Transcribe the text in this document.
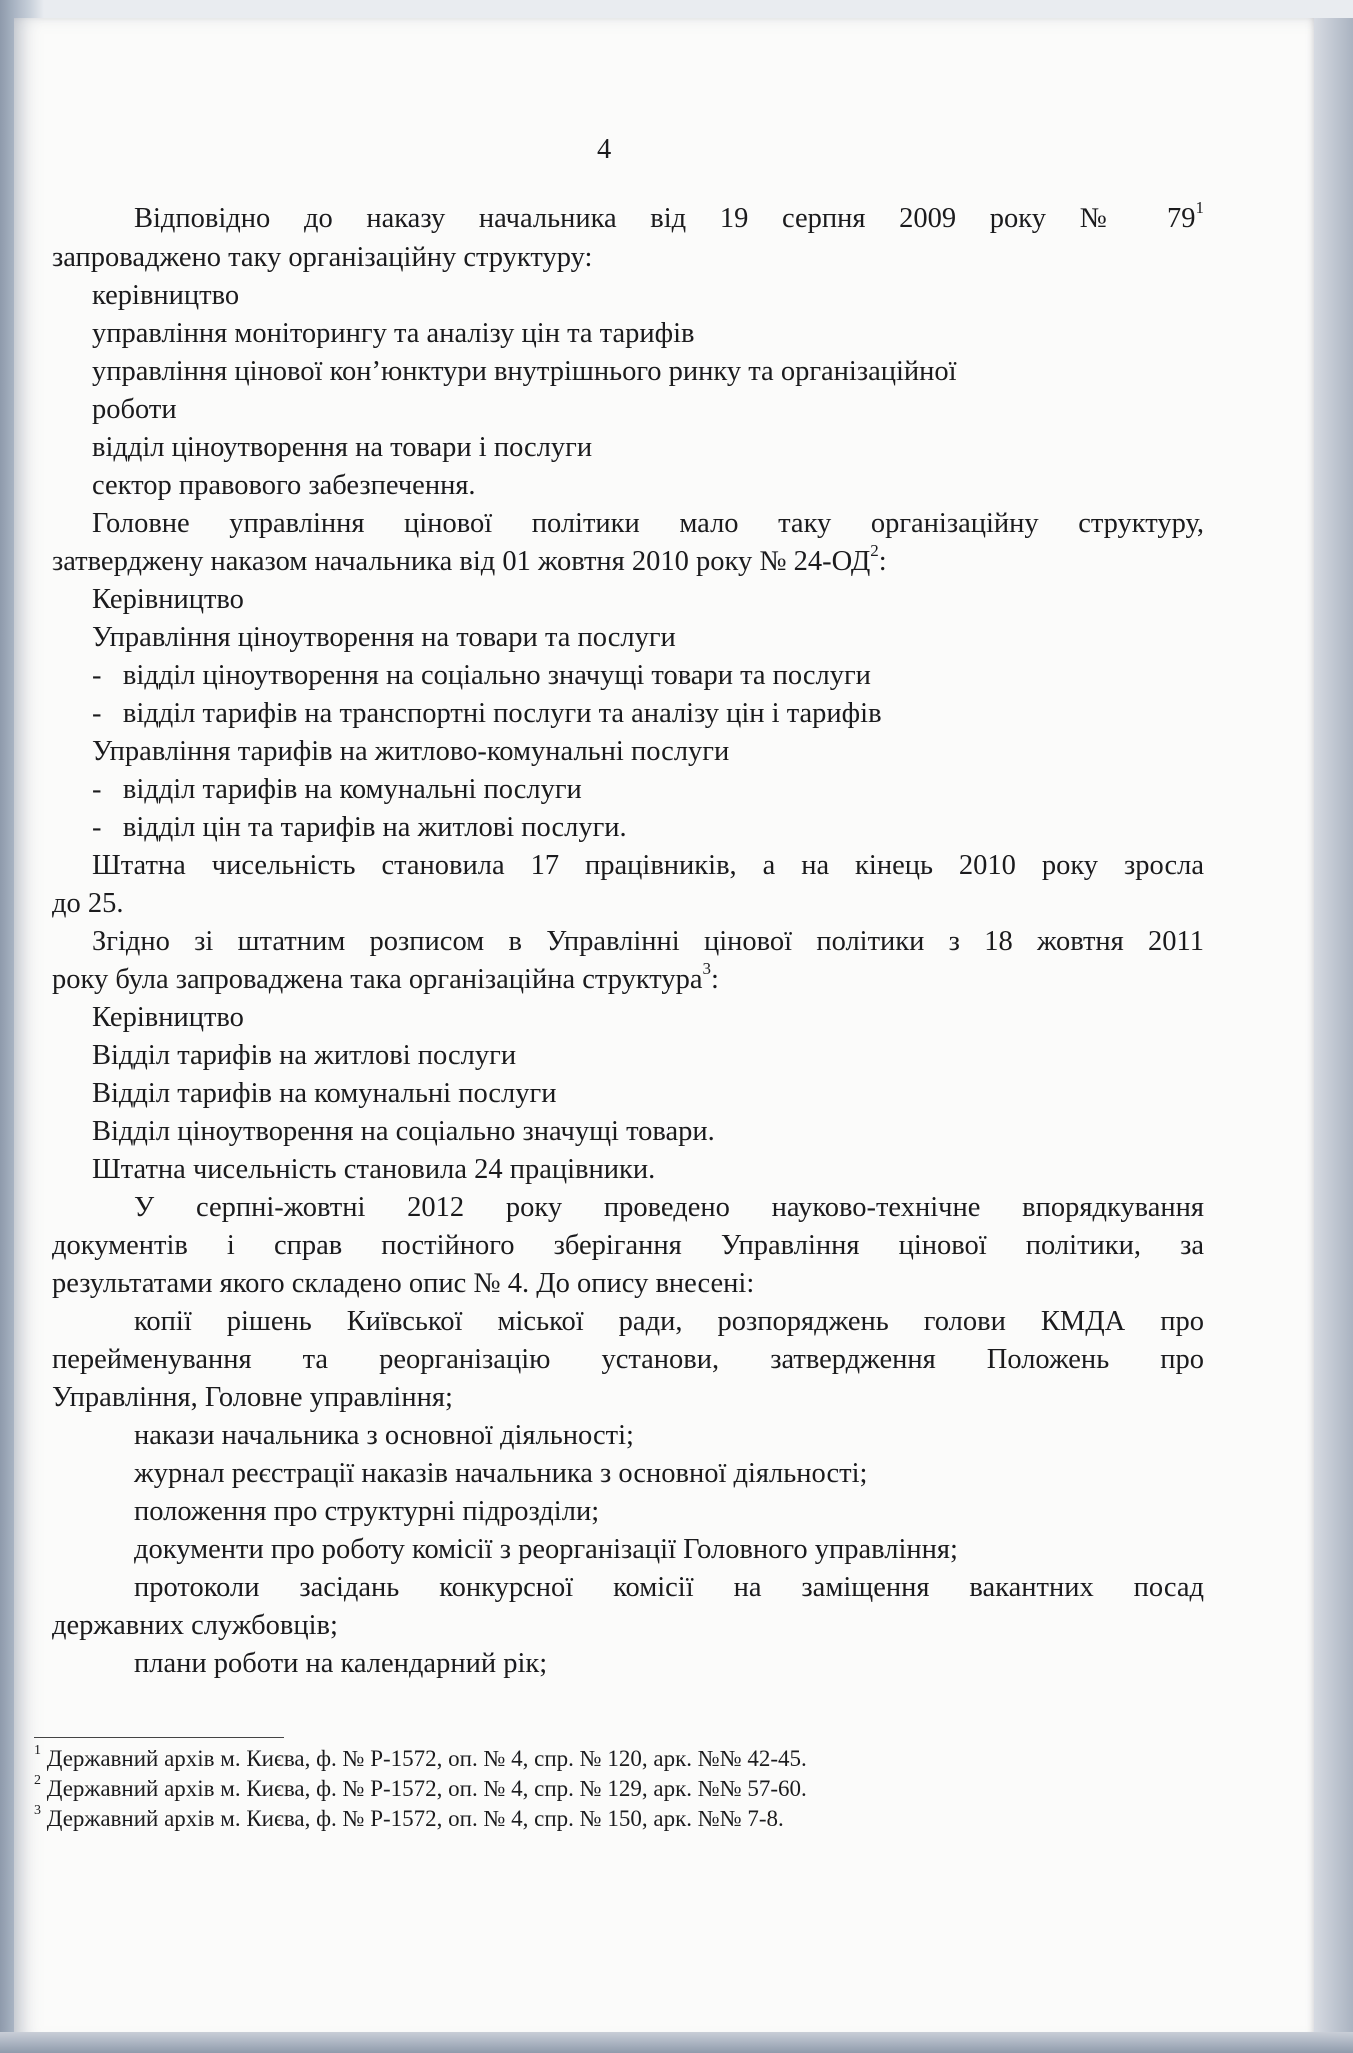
4
Відповідно до наказу начальника від 19 серпня 2009 року № $79^1$
запроваджено таку організаційну структуру:
керівництво
управління моніторингу та аналізу цін та тарифів
управління цінової кон’юнктури внутрішнього ринку та організаційної
роботи
відділ ціноутворення на товари і послуги
сектор правового забезпечення.
Головне управління цінової політики мало таку організаційну структуру,
затверджену наказом начальника від 01 жовтня 2010 року № $24-ОД^2$:
Керівництво
Управління ціноутворення на товари та послуги
-   відділ ціноутворення на соціально значущі товари та послуги
-   відділ тарифів на транспортні послуги та аналізу цін і тарифів
Управління тарифів на житлово-комунальні послуги
-   відділ тарифів на комунальні послуги
-   відділ цін та тарифів на житлові послуги.
Штатна чисельність становила 17 працівників, а на кінець 2010 року зросла
до 25.
Згідно зі штатним розписом в Управлінні цінової політики з 18 жовтня 2011
року була запроваджена така організаційна структура$^3$:
Керівництво
Відділ тарифів на житлові послуги
Відділ тарифів на комунальні послуги
Відділ ціноутворення на соціально значущі товари.
Штатна чисельність становила 24 працівники.
У серпні-жовтні 2012 року проведено науково-технічне впорядкування
документів і справ постійного зберігання Управління цінової політики, за
результатами якого складено опис № 4. До опису внесені:
копії рішень Київської міської ради, розпоряджень голови КМДА про
перейменування та реорганізацію установи, затвердження Положень про
Управління, Головне управління;
накази начальника з основної діяльності;
журнал реєстрації наказів начальника з основної діяльності;
положення про структурні підрозділи;
документи про роботу комісії з реорганізації Головного управління;
протоколи засідань конкурсної комісії на заміщення вакантних посад
державних службовців;
плани роботи на календарний рік;
$^1$ Державний архів м. Києва, ф. № Р-1572, оп. № 4, спр. № 120, арк. №№ 42-45.
$^2$ Державний архів м. Києва, ф. № Р-1572, оп. № 4, спр. № 129, арк. №№ 57-60.
$^3$ Державний архів м. Києва, ф. № Р-1572, оп. № 4, спр. № 150, арк. №№ 7-8.
